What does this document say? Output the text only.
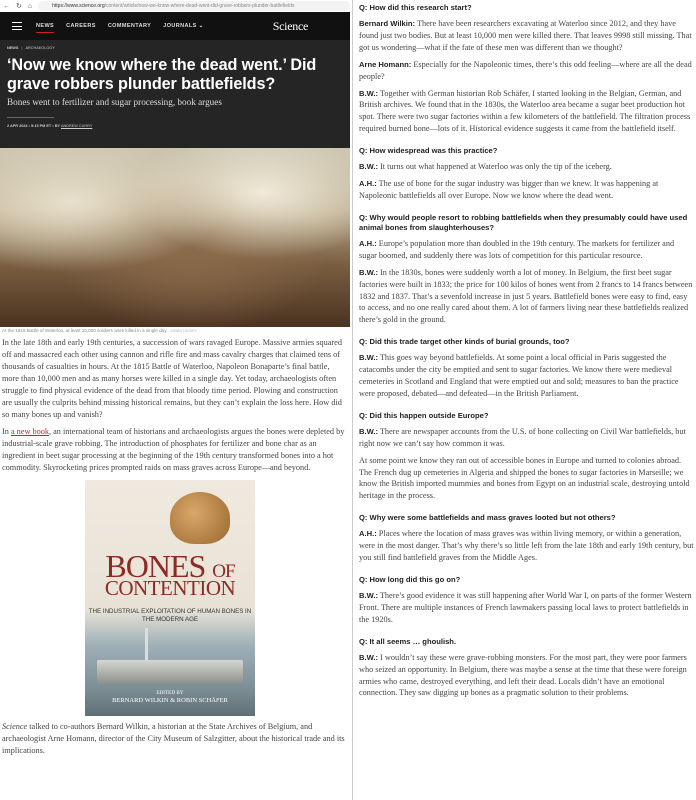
← ↻ ⌂	https://www.science.org/content/article/now-we-know-where-dead-went-did-grave-robbers-plunder-battlefields
NEWS CAREERS COMMENTARY JOURNALS ⌄	Science
NEWS | ARCHAEOLOGY
‘Now we know where the dead went.’ Did grave robbers plunder battlefields?
Bones went to fertilizer and sugar processing, book argues
2 APR 2024 • 5:15 PM ET • BY ANDREW CURRY
At the 1815 Battle of Waterloo, at least 10,000 soldiers were killed in a single day. EDWIN TOOVEY

In the late 18th and early 19th centuries, a succession of wars ravaged Europe. Massive armies squared off and massacred each other using cannon and rifle fire and mass cavalry charges that claimed tens of thousands of casualties in hours. At the 1815 Battle of Waterloo, Napoleon Bonaparte’s final battle, more than 10,000 men and as many horses were killed in a single day. Yet today, archaeologists often struggle to find physical evidence of the dead from that bloody time period. Plowing and construction are usually the culprits behind missing historical remains, but they can’t explain the loss here. How did so many bones up and vanish?

In a new book, an international team of historians and archaeologists argues the bones were depleted by industrial-scale grave robbing. The introduction of phosphates for fertilizer and bone char as an ingredient in beet sugar processing at the beginning of the 19th century transformed bones into a hot commodity. Skyrocketing prices prompted raids on mass graves across Europe—and beyond.

BONES OF
CONTENTION
THE INDUSTRIAL EXPLOITATION OF HUMAN BONES IN THE MODERN AGE
EDITED BY
BERNARD WILKIN & ROBIN SCHÄFER

Science talked to co-authors Bernard Wilkin, a historian at the State Archives of Belgium, and archaeologist Arne Homann, director of the City Museum of Salzgitter, about the historical trade and its implications.

Q: How did this research start?
Bernard Wilkin: There have been researchers excavating at Waterloo since 2012, and they have found just two bodies. But at least 10,000 men were killed there. That leaves 9998 still missing. That got us wondering—what if the fate of these men was different than we thought?
Arne Homann: Especially for the Napoleonic times, there’s this odd feeling—where are all the dead people?
B.W.: Together with German historian Rob Schäfer, I started looking in the Belgian, German, and British archives. We found that in the 1830s, the Waterloo area became a sugar beet production hot spot. There were two sugar factories within a few kilometers of the battlefield. The filtration process required burned bone—lots of it. Historical evidence suggests it came from the battlefield itself.
Q: How widespread was this practice?
B.W.: It turns out what happened at Waterloo was only the tip of the iceberg.
A.H.: The use of bone for the sugar industry was bigger than we knew. It was happening at Napoleonic battlefields all over Europe. Now we know where the dead went.
Q: Why would people resort to robbing battlefields when they presumably could have used animal bones from slaughterhouses?
A.H.: Europe’s population more than doubled in the 19th century. The markets for fertilizer and sugar boomed, and suddenly there was lots of competition for this particular resource.
B.W.: In the 1830s, bones were suddenly worth a lot of money. In Belgium, the first beet sugar factories were built in 1833; the price for 100 kilos of bones went from 2 francs to 14 francs between 1832 and 1837. That’s a sevenfold increase in just 5 years. Battlefield bones were easy to find, easy to access, and no one really cared about them. A lot of farmers living near these battlefields realized there’s gold in the ground.
Q: Did this trade target other kinds of burial grounds, too?
B.W.: This goes way beyond battlefields. At some point a local official in Paris suggested the catacombs under the city be emptied and sent to sugar factories. We know there were medieval cemeteries in Scotland and England that were emptied out and sold; measures to ban the practice were proposed, debated—and defeated—in the British Parliament.
Q: Did this happen outside Europe?
B.W.: There are newspaper accounts from the U.S. of bone collecting on Civil War battlefields, but right now we can’t say how common it was.
At some point we know they ran out of accessible bones in Europe and turned to colonies abroad. The French dug up cemeteries in Algeria and shipped the bones to sugar factories in Marseille; we know the British imported mummies and bones from Egypt on an industrial scale, destroying untold heritage in the process.
Q: Why were some battlefields and mass graves looted but not others?
A.H.: Places where the location of mass graves was within living memory, or within a generation, were in the most danger. That’s why there’s so little left from the late 18th and early 19th century, but you still find battlefield graves from the Middle Ages.
Q: How long did this go on?
B.W.: There’s good evidence it was still happening after World War I, on parts of the former Western Front. There are multiple instances of French lawmakers passing local laws to protect battlefields in the 1920s.
Q: It all seems … ghoulish.
B.W.: I wouldn’t say these were grave-robbing monsters. For the most part, they were poor farmers who seized an opportunity. In Belgium, there was maybe a sense at the time that these were foreign armies who came, destroyed everything, and left their dead. Locals didn’t have an emotional connection. They saw digging up bones as a pragmatic solution to their problems.
